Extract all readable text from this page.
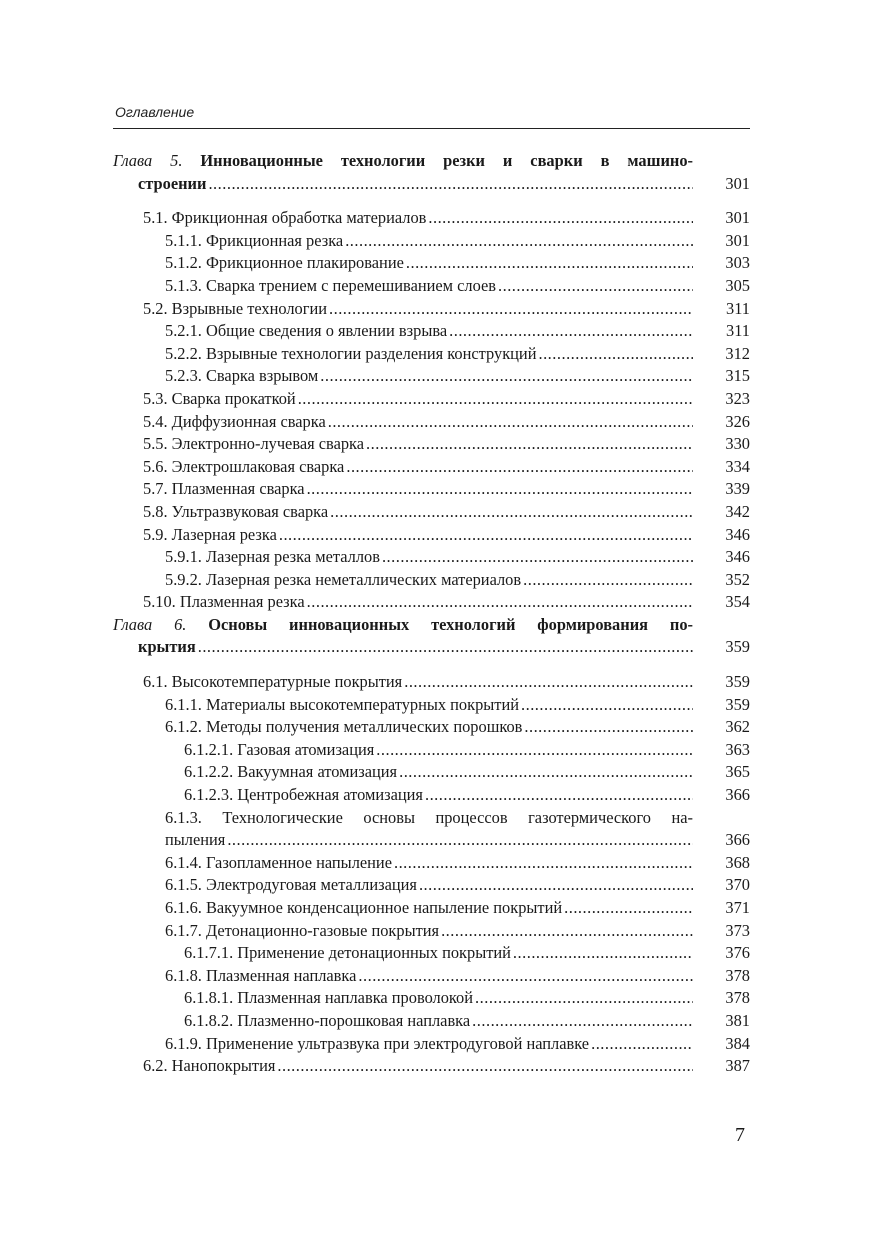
Оглавление
Глава 5. Инновационные технологии резки и сварки в машино-
строении .....	301
5.1. Фрикционная обработка материалов .....	301
5.1.1. Фрикционная резка .....	301
5.1.2. Фрикционное плакирование .....	303
5.1.3. Сварка трением с перемешиванием слоев .....	305
5.2. Взрывные технологии .....	311
5.2.1. Общие сведения о явлении взрыва .....	311
5.2.2. Взрывные технологии разделения конструкций .....	312
5.2.3. Сварка взрывом .....	315
5.3. Сварка прокаткой .....	323
5.4. Диффузионная сварка .....	326
5.5. Электронно-лучевая сварка .....	330
5.6. Электрошлаковая сварка .....	334
5.7. Плазменная сварка .....	339
5.8. Ультразвуковая сварка .....	342
5.9. Лазерная резка .....	346
5.9.1. Лазерная резка металлов .....	346
5.9.2. Лазерная резка неметаллических материалов .....	352
5.10. Плазменная резка .....	354
Глава 6. Основы инновационных технологий формирования по-
крытия .....	359
6.1. Высокотемпературные покрытия .....	359
6.1.1. Материалы высокотемпературных покрытий .....	359
6.1.2. Методы получения металлических порошков .....	362
6.1.2.1. Газовая атомизация .....	363
6.1.2.2. Вакуумная атомизация .....	365
6.1.2.3. Центробежная атомизация .....	366
6.1.3. Технологические основы процессов газотермического на-
пыления .....	366
6.1.4. Газопламенное напыление .....	368
6.1.5. Электродуговая металлизация .....	370
6.1.6. Вакуумное конденсационное напыление покрытий .....	371
6.1.7. Детонационно-газовые покрытия .....	373
6.1.7.1. Применение детонационных покрытий .....	376
6.1.8. Плазменная наплавка .....	378
6.1.8.1. Плазменная наплавка проволокой .....	378
6.1.8.2. Плазменно-порошковая наплавка .....	381
6.1.9. Применение ультразвука при электродуговой наплавке .....	384
6.2. Нанопокрытия .....	387
7
